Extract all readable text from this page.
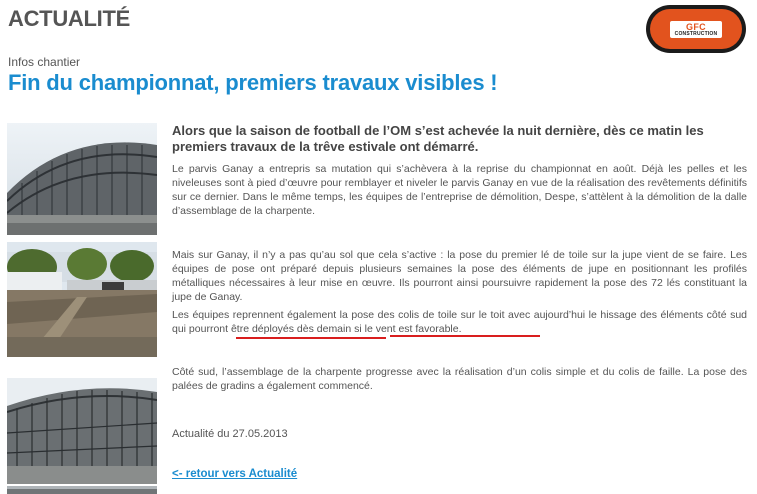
ACTUALITÉ	GFC
CONSTRUCTION
Infos chantier
Fin du championnat, premiers travaux visibles !

Alors que la saison de football de l’OM s’est achevée la nuit dernière, dès ce matin les premiers travaux de la trêve estivale ont démarré.

Le parvis Ganay a entrepris sa mutation qui s’achèvera à la reprise du championnat en août. Déjà les pelles et les niveleuses sont à pied d’œuvre pour remblayer et niveler le parvis Ganay en vue de la réalisation des revêtements définitifs sur ce dernier. Dans le même temps, les équipes de l’entreprise de démolition, Despe, s’attèlent à la démolition de la dalle d’assemblage de la charpente.

Mais sur Ganay, il n’y a pas qu’au sol que cela s’active : la pose du premier lé de toile sur la jupe vient de se faire. Les équipes de pose ont préparé depuis plusieurs semaines la pose des éléments de jupe en positionnant les profilés métalliques nécessaires à leur mise en œuvre. Ils pourront ainsi poursuivre rapidement la pose des 72 lés constituant la jupe de Ganay.

Les équipes reprennent également la pose des colis de toile sur le toit avec aujourd’hui le hissage des éléments côté sud qui pourront être déployés dès demain si le vent est favorable.

Côté sud, l’assemblage de la charpente progresse avec la réalisation d’un colis simple et du colis de faille. La pose des palées de gradins a également commencé.

Actualité du 27.05.2013
<- retour vers Actualité
